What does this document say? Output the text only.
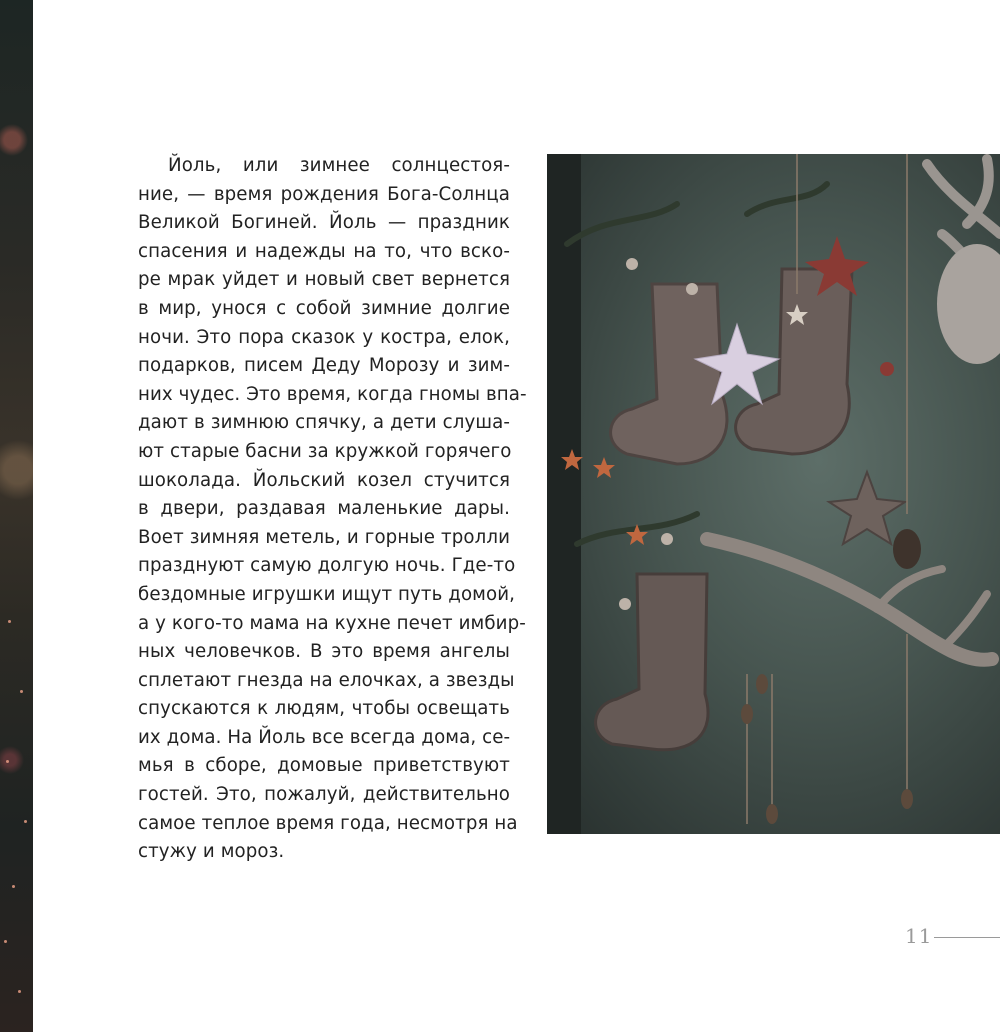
Йоль, или зимнее солнцестоя-
ние, — время рождения Бога-Солнца
Великой Богиней. Йоль — праздник
спасения и надежды на то, что вско-
ре мрак уйдет и новый свет вернется
в мир, унося с собой зимние долгие
ночи. Это пора сказок у костра, елок,
подарков, писем Деду Морозу и зим-
них чудес. Это время, когда гномы впа-
дают в зимнюю спячку, а дети слуша-
ют старые басни за кружкой горячего
шоколада. Йольский козел стучится
в двери, раздавая маленькие дары.
Воет зимняя метель, и горные тролли
празднуют самую долгую ночь. Где-то
бездомные игрушки ищут путь домой,
а у кого-то мама на кухне печет имбир-
ных человечков. В это время ангелы
сплетают гнезда на елочках, а звезды
спускаются к людям, чтобы освещать
их дома. На Йоль все всегда дома, се-
мья в сборе, домовые приветствуют
гостей. Это, пожалуй, действительно
самое теплое время года, несмотря на
стужу и мороз.

11
